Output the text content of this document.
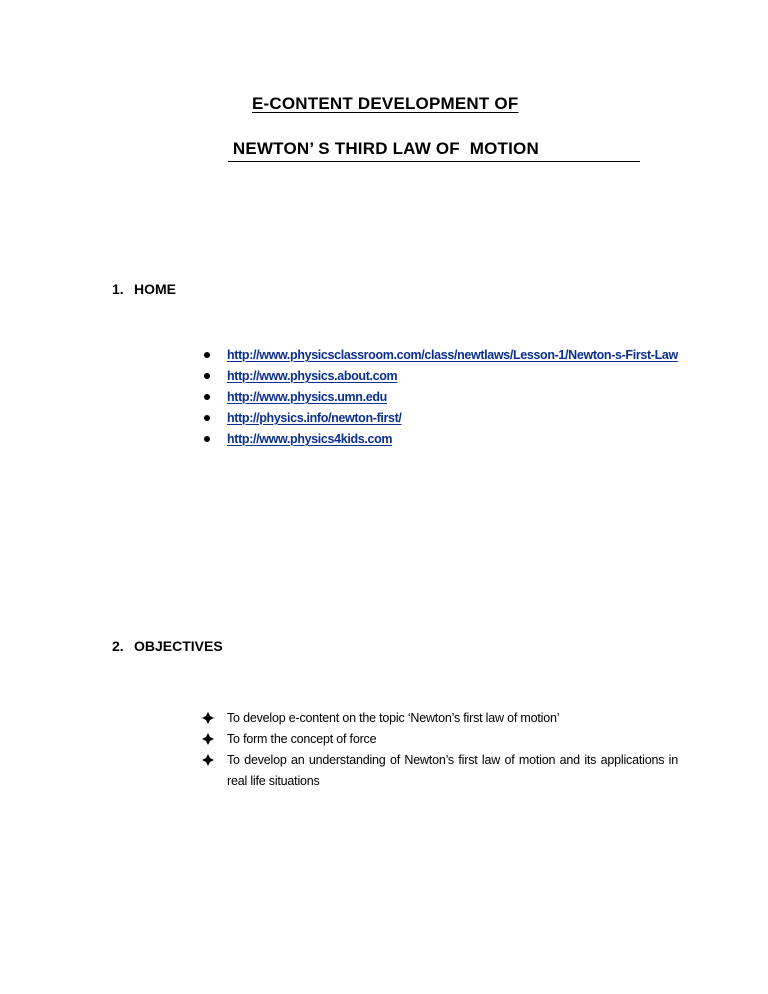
E-CONTENT DEVELOPMENT OF
NEWTON’ S THIRD LAW OF  MOTION
1. HOME
http://www.physicsclassroom.com/class/newtlaws/Lesson-1/Newton-s-First-Law
http://www.physics.about.com
http://www.physics.umn.edu
http://physics.info/newton-first/
http://www.physics4kids.com
2. OBJECTIVES
To develop e-content on the topic ‘Newton’s first law of motion’
To form the concept of force
To develop an understanding of Newton’s first law of motion and its applications in real life situations
